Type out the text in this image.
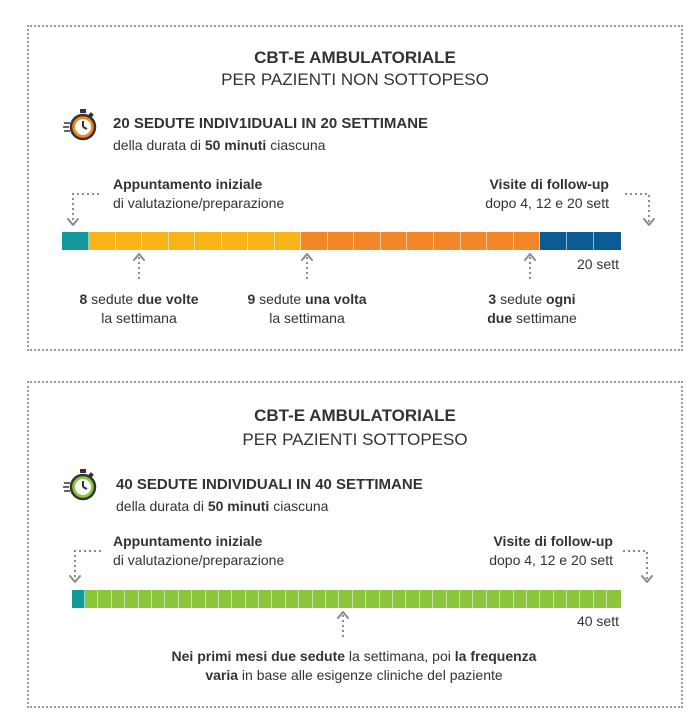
CBT-E AMBULATORIALE
PER PAZIENTI NON SOTTOPESO
20 SEDUTE INDIV1IDUALI IN 20 SETTIMANE
della durata di 50 minuti ciascuna
Appuntamento iniziale
di valutazione/preparazione
Visite di follow-up
dopo 4, 12 e 20 sett
20 sett
8 sedute due volte
la settimana
9 sedute una volta
la settimana
3 sedute ogni
due settimane
CBT-E AMBULATORIALE
PER PAZIENTI SOTTOPESO
40 SEDUTE INDIVIDUALI IN 40 SETTIMANE
della durata di 50 minuti ciascuna
Appuntamento iniziale
di valutazione/preparazione
Visite di follow-up
dopo 4, 12 e 20 sett
40 sett
Nei primi mesi due sedute la settimana, poi la frequenza
varia in base alle esigenze cliniche del paziente
